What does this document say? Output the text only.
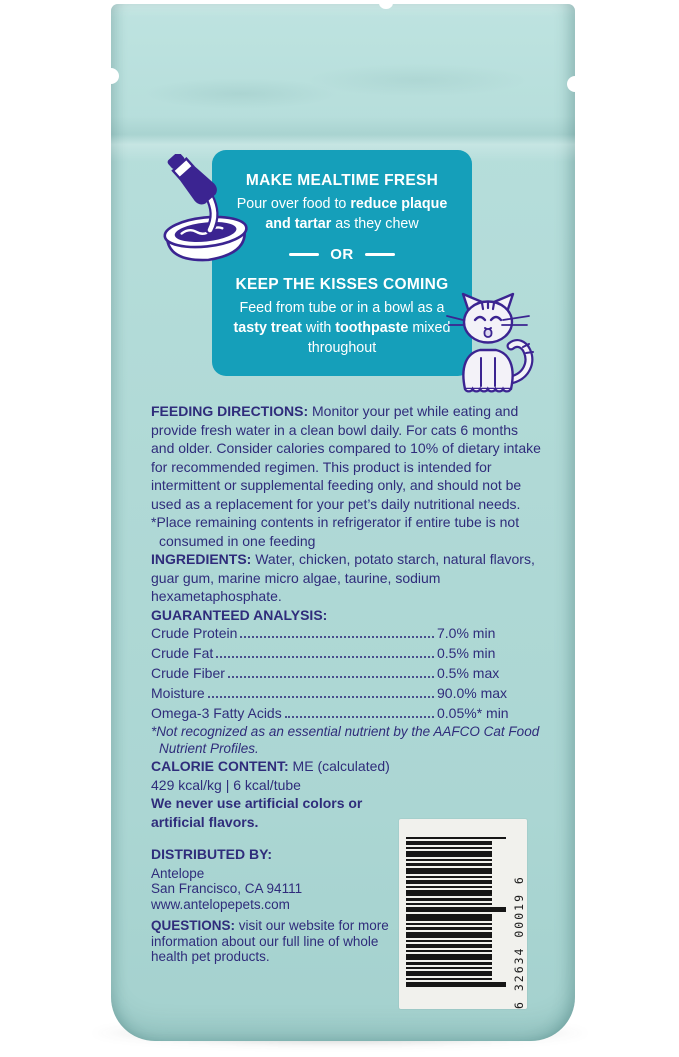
MAKE MEALTIME FRESH

Pour over food to reduce plaque and tartar as they chew

OR
KEEP THE KISSES COMING

Feed from tube or in a bowl as a tasty treat with toothpaste mixed throughout

FEEDING DIRECTIONS: Monitor your pet while eating and provide fresh water in a clean bowl daily. For cats 6 months and older. Consider calories compared to 10% of dietary intake for recommended regimen. This product is intended for intermittent or supplemental feeding only, and should not be used as a replacement for your pet’s daily nutritional needs.

*Place remaining contents in refrigerator if entire tube is not consumed in one feeding

INGREDIENTS: Water, chicken, potato starch, natural flavors, guar gum, marine micro algae, taurine, sodium hexametaphosphate.

GUARANTEED ANALYSIS:

Crude Protein	7.0% min
Crude Fat	0.5% min
Crude Fiber	0.5% max
Moisture	90.0% max
Omega-3 Fatty Acids	0.05%* min

*Not recognized as an essential nutrient by the AAFCO Cat Food Nutrient Profiles.

CALORIE CONTENT: ME (calculated)

429 kcal/kg | 6 kcal/tube

We never use artificial colors or artificial flavors.

DISTRIBUTED BY:

Antelope
San Francisco, CA 94111
www.antelopepets.com

QUESTIONS: visit our website for more information about our full line of whole health pet products.	6 32634 00019 6
